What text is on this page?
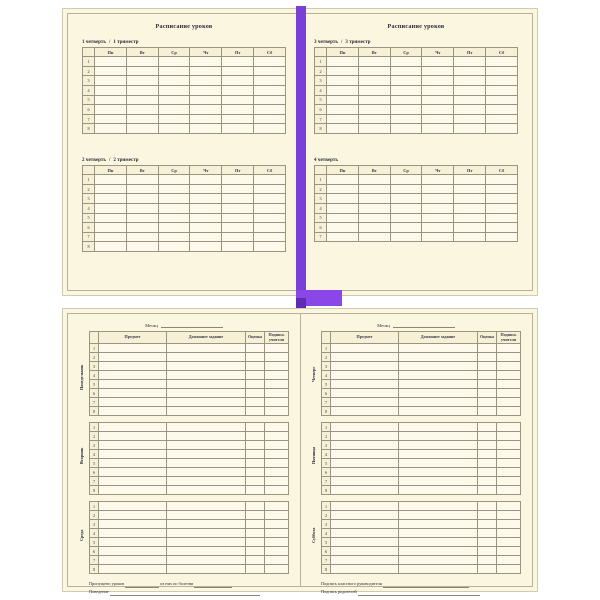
Расписание уроков
1 четверть / 1 триместр
	Пн	Вт	Ср	Чт	Пт	Сб
1						
2						
3						
4						
5						
6						
7						
8						
2 четверть / 2 триместр
	Пн	Вт	Ср	Чт	Пт	Сб
1						
2						
3						
4						
5						
6						
7						
8						
Расписание уроков
3 четверть / 3 триместр
	Пн	Вт	Ср	Чт	Пт	Сб
1						
2						
3						
4						
5						
6						
7						
8						
4 четверть
	Пн	Вт	Ср	Чт	Пт	Сб
1						
2						
3						
4						
5						
6						
7						
Месяц
Понедельник
	Предмет	Домашнее задание	Оценка	Подпись учителя
1				
2				
3				
4				
5				
6				
7				
8				
Вторник
1				
2				
3				
4				
5				
6				
7				
8				
Среда
1				
2				
3				
4				
5				
6				
7				
8				
Пропущено уроков	из них по болезни
Поведение
Месяц
Четверг
	Предмет	Домашнее задание	Оценка	Подпись учителя
1				
2				
3				
4				
5				
6				
7				
8				
Пятница
1				
2				
3				
4				
5				
6				
7				
8				
Суббота
1				
2				
3				
4				
5				
6				
7				
8				
Подпись классного руководителя
Подпись родителей
